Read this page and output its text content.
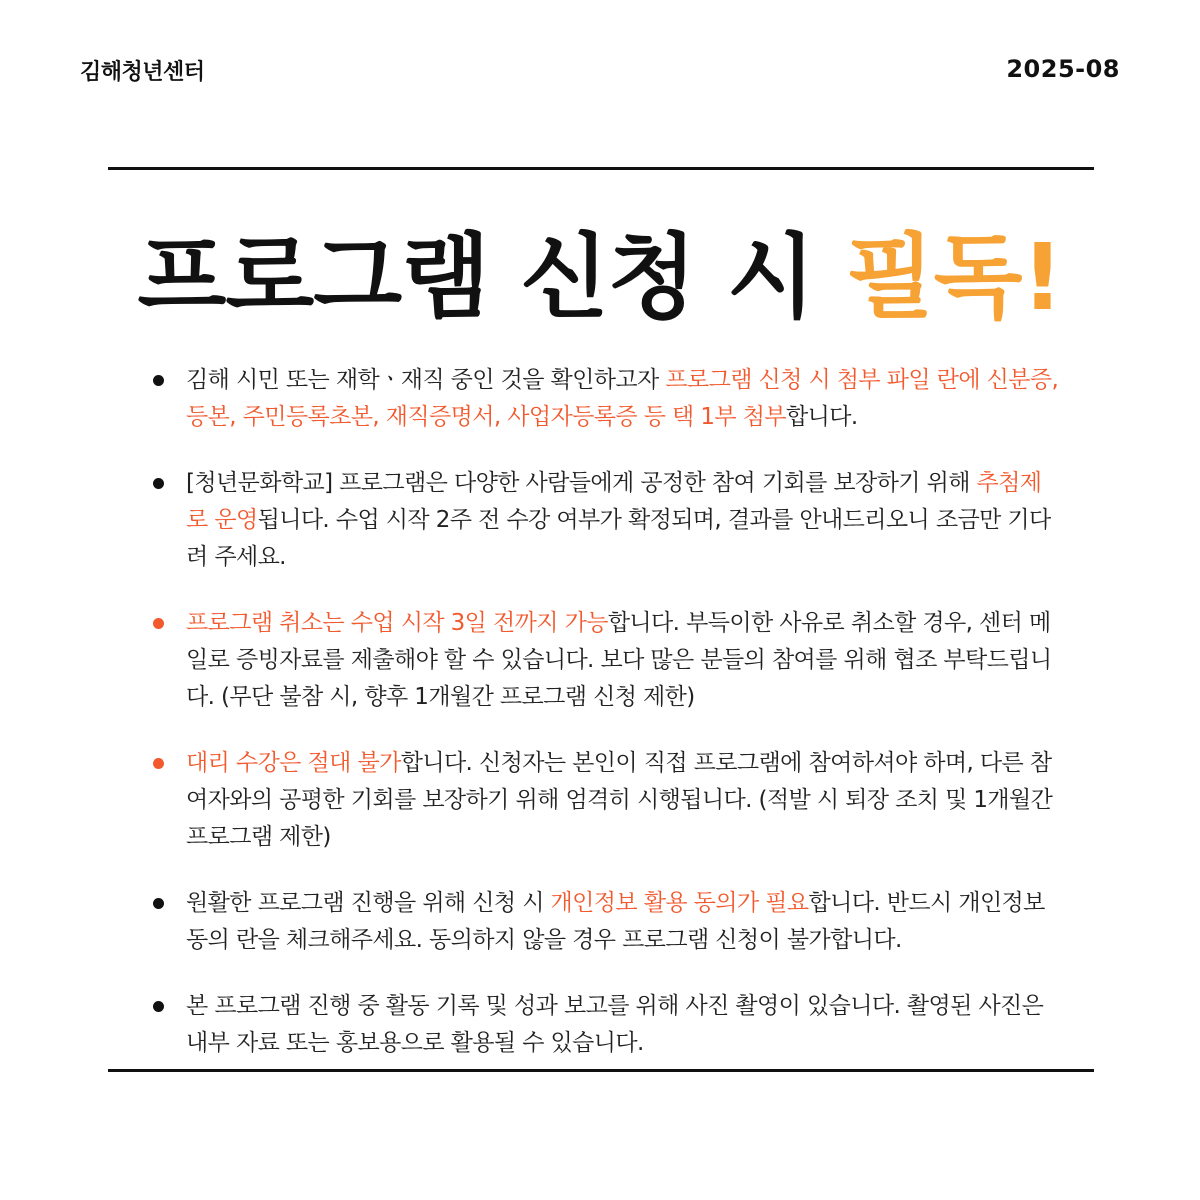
김해청년센터	2025-08
프로그램 신청 시 필독!
김해 시민 또는 재학ㆍ재직 중인 것을 확인하고자 프로그램 신청 시 첨부 파일 란에 신분증, 등본, 주민등록초본, 재직증명서, 사업자등록증 등 택 1부 첨부합니다.
[청년문화학교] 프로그램은 다양한 사람들에게 공정한 참여 기회를 보장하기 위해 추첨제로 운영됩니다. 수업 시작 2주 전 수강 여부가 확정되며, 결과를 안내드리오니 조금만 기다려 주세요.
프로그램 취소는 수업 시작 3일 전까지 가능합니다. 부득이한 사유로 취소할 경우, 센터 메일로 증빙자료를 제출해야 할 수 있습니다. 보다 많은 분들의 참여를 위해 협조 부탁드립니다. (무단 불참 시, 향후 1개월간 프로그램 신청 제한)
대리 수강은 절대 불가합니다. 신청자는 본인이 직접 프로그램에 참여하셔야 하며, 다른 참여자와의 공평한 기회를 보장하기 위해 엄격히 시행됩니다. (적발 시 퇴장 조치 및 1개월간 프로그램 제한)
원활한 프로그램 진행을 위해 신청 시 개인정보 활용 동의가 필요합니다. 반드시 개인정보 동의 란을 체크해주세요. 동의하지 않을 경우 프로그램 신청이 불가합니다.
본 프로그램 진행 중 활동 기록 및 성과 보고를 위해 사진 촬영이 있습니다. 촬영된 사진은 내부 자료 또는 홍보용으로 활용될 수 있습니다.
